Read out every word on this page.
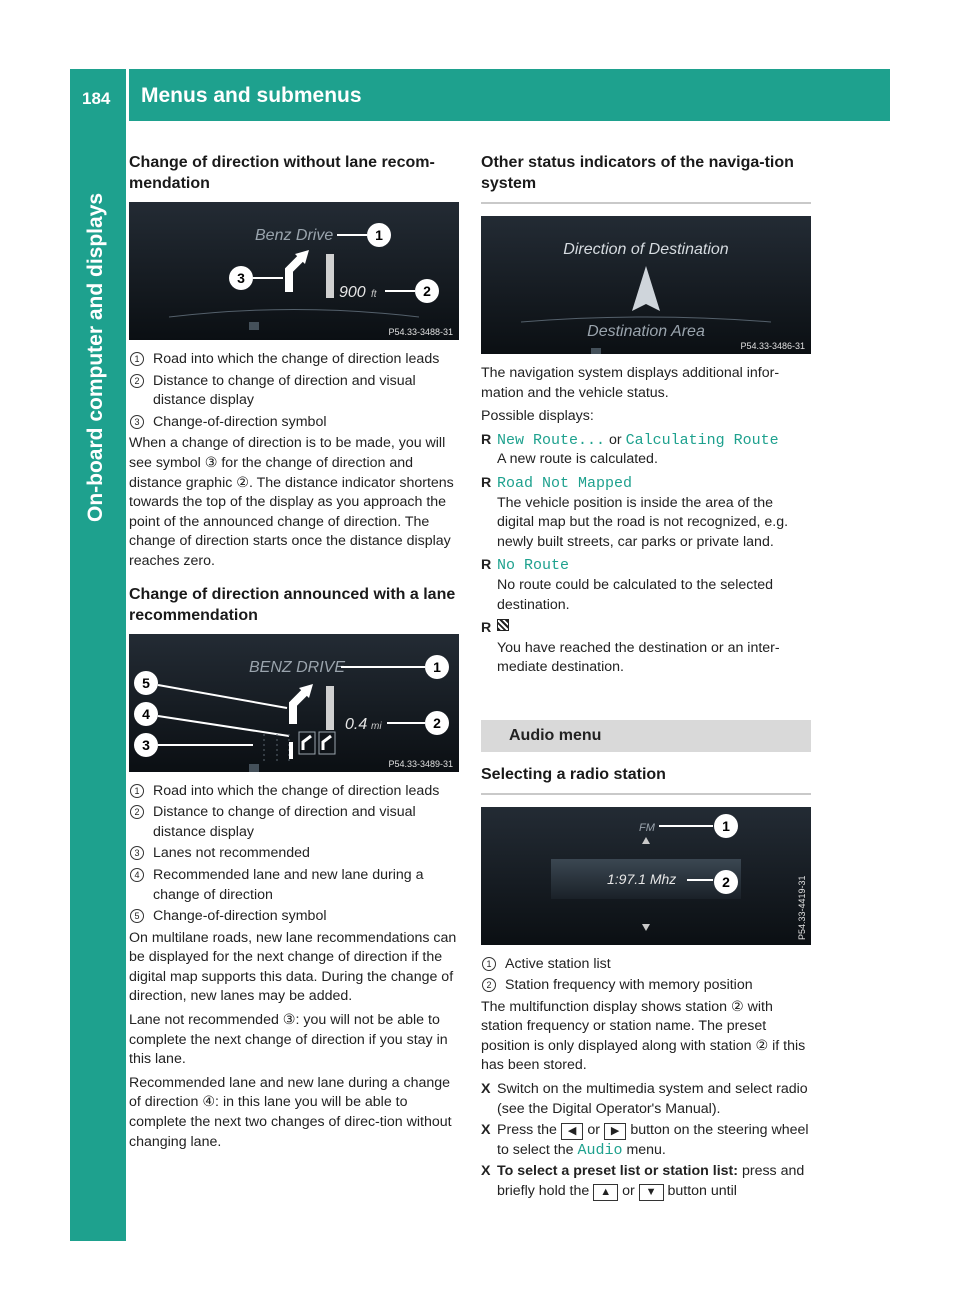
184 Menus and submenus
On-board computer and displays
Change of direction without lane recom-mendation
Benz Drive	1
900 ft	2
3
P54.33-3488-31
1 Road into which the change of direction leads
2 Distance to change of direction and visual distance display
3 Change-of-direction symbol

When a change of direction is to be made, you will see symbol ③ for the change of direction and distance graphic ②. The distance indicator shortens towards the top of the display as you approach the point of the announced change of direction. The change of direction starts once the distance display reaches zero.

Change of direction announced with a lane recommendation
BENZ DRIVE	1
0.4 mi	2
5
4
3
P54.33-3489-31
1 Road into which the change of direction leads
2 Distance to change of direction and visual distance display
3 Lanes not recommended
4 Recommended lane and new lane during a change of direction
5 Change-of-direction symbol

On multilane roads, new lane recommendations can be displayed for the next change of direction if the digital map supports this data. During the change of direction, new lanes may be added.

Lane not recommended ③: you will not be able to complete the next change of direction if you stay in this lane.

Recommended lane and new lane during a change of direction ④: in this lane you will be able to complete the next two changes of direc-tion without changing lane.

Other status indicators of the naviga-tion system
Direction of Destination
Destination Area
P54.33-3486-31

The navigation system displays additional infor-mation and the vehicle status.

Possible displays:

R New Route... or Calculating Route
A new route is calculated.
R Road Not Mapped
The vehicle position is inside the area of the digital map but the road is not recognized, e.g. newly built streets, car parks or private land.
R No Route
No route could be calculated to the selected destination.
R
You have reached the destination or an inter-mediate destination.
Audio menu
Selecting a radio station
FM	1
1:97.1 Mhz	2	P54.33-4419-31
1 Active station list
2 Station frequency with memory position

The multifunction display shows station ② with station frequency or station name. The preset position is only displayed along with station ② if this has been stored.

X Switch on the multimedia system and select radio (see the Digital Operator's Manual).
X Press the ◀ or ▶ button on the steering wheel to select the Audio menu.
X To select a preset list or station list: press and briefly hold the ▲ or ▼ button until
